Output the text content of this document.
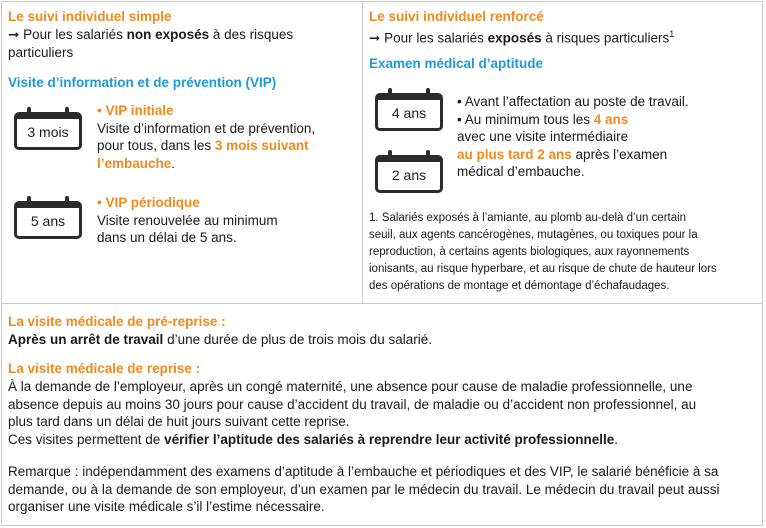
Le suivi individuel simple

➞ Pour les salariés non exposés à des risques

particuliers

Visite d’information et de prévention (VIP)
3 mois

• VIP initiale

Visite d’information et de prévention,

pour tous, dans les 3 mois suivant

l’embauche.

5 ans

• VIP périodique

Visite renouvelée au minimum

dans un délai de 5 ans.

Le suivi individuel renforcé

➞ Pour les salariés exposés à risques particuliers$^1$

Examen médical d’aptitude
4 ans
2 ans

• Avant l’affectation au poste de travail.

• Au minimum tous les 4 ans

avec une visite intermédiaire

au plus tard 2 ans après l’examen

médical d’embauche.

1. Salariés exposés à l’amiante, au plomb au-delà d’un certain

seuil, aux agents cancérogènes, mutagènes, ou toxiques pour la

reproduction, à certains agents biologiques, aux rayonnements

ionisants, au risque hyperbare, et au risque de chute de hauteur lors

des opérations de montage et démontage d’échafaudages.

La visite médicale de pré-reprise :

Après un arrêt de travail d’une durée de plus de trois mois du salarié.

La visite médicale de reprise :

À la demande de l’employeur, après un congé maternité, une absence pour cause de maladie professionnelle, une

absence depuis au moins 30 jours pour cause d’accident du travail, de maladie ou d’accident non professionnel, au

plus tard dans un délai de huit jours suivant cette reprise.

Ces visites permettent de vérifier l’aptitude des salariés à reprendre leur activité professionnelle.

Remarque : indépendamment des examens d’aptitude à l’embauche et périodiques et des VIP, le salarié bénéficie à sa

demande, ou à la demande de son employeur, d’un examen par le médecin du travail. Le médecin du travail peut aussi

organiser une visite médicale s’il l’estime nécessaire.
